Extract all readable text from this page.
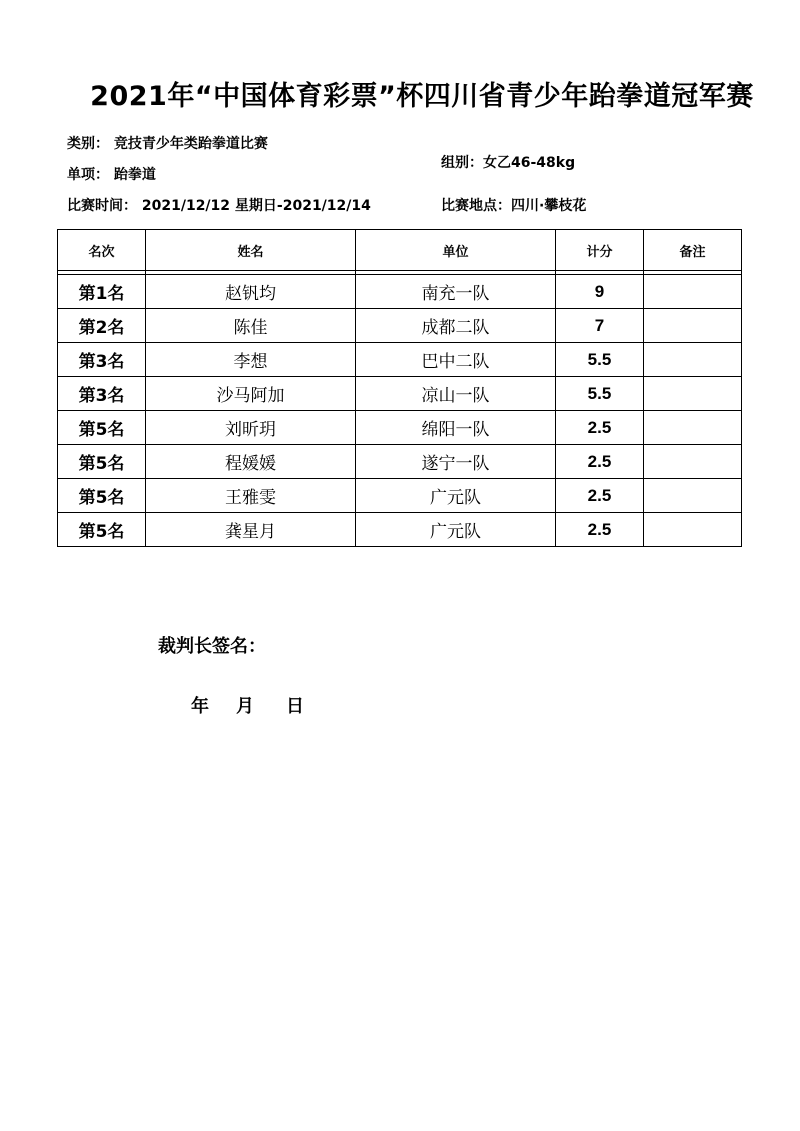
2021年“中国体育彩票”杯四川省青少年跆拳道冠军赛
类别： 竞技青少年类跆拳道比赛
单项： 跆拳道
组别：女乙46-48kg
比赛时间： 2021/12/12 星期日-2021/12/14	比赛地点：四川·攀枝花
名次	姓名	单位	计分	备注

第1名	赵钒均	南充一队	9	
第2名	陈佳	成都二队	7	
第3名	李想	巴中二队	5.5	
第3名	沙马阿加	凉山一队	5.5	
第5名	刘昕玥	绵阳一队	2.5	
第5名	程媛媛	遂宁一队	2.5	
第5名	王雅雯	广元队	2.5	
第5名	龚星月	广元队	2.5	
裁判长签名：
年 月 日
